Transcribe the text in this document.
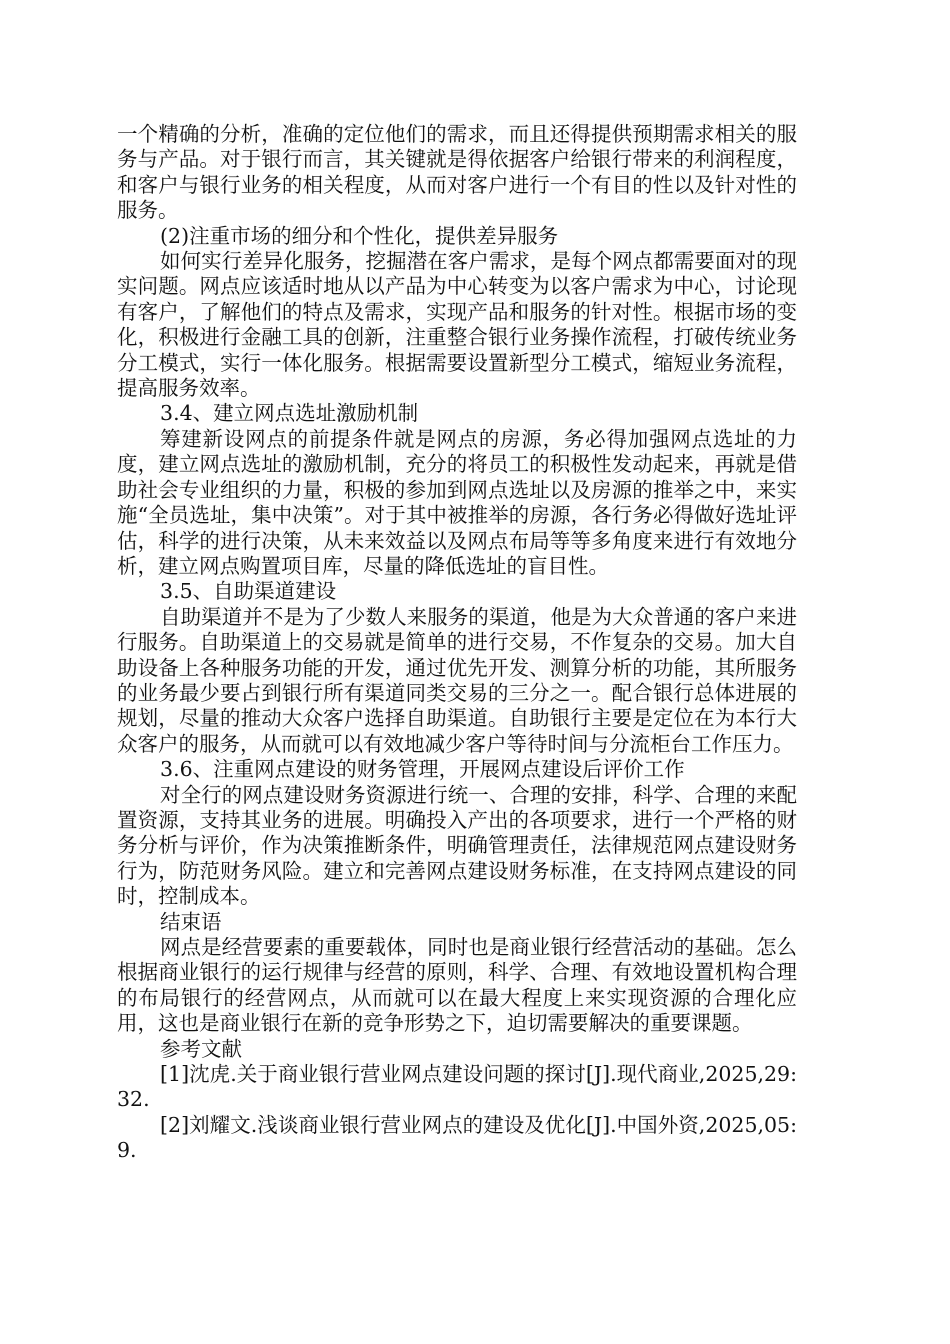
一个精确的分析，准确的定位他们的需求，而且还得提供预期需求相关的服务与产品。对于银行而言，其关键就是得依据客户给银行带来的利润程度，和客户与银行业务的相关程度，从而对客户进行一个有目的性以及针对性的服务。

(2)注重市场的细分和个性化，提供差异服务

如何实行差异化服务，挖掘潜在客户需求，是每个网点都需要面对的现实问题。网点应该适时地从以产品为中心转变为以客户需求为中心，讨论现有客户，了解他们的特点及需求，实现产品和服务的针对性。根据市场的变化，积极进行金融工具的创新，注重整合银行业务操作流程，打破传统业务分工模式，实行一体化服务。根据需要设置新型分工模式，缩短业务流程，提高服务效率。

3.4、建立网点选址激励机制

筹建新设网点的前提条件就是网点的房源，务必得加强网点选址的力度，建立网点选址的激励机制，充分的将员工的积极性发动起来，再就是借助社会专业组织的力量，积极的参加到网点选址以及房源的推举之中，来实施“全员选址，集中决策”。对于其中被推举的房源，各行务必得做好选址评估，科学的进行决策，从未来效益以及网点布局等等多角度来进行有效地分析，建立网点购置项目库，尽量的降低选址的盲目性。

3.5、自助渠道建设

自助渠道并不是为了少数人来服务的渠道，他是为大众普通的客户来进行服务。自助渠道上的交易就是简单的进行交易，不作复杂的交易。加大自助设备上各种服务功能的开发，通过优先开发、测算分析的功能，其所服务的业务最少要占到银行所有渠道同类交易的三分之一。配合银行总体进展的规划，尽量的推动大众客户选择自助渠道。自助银行主要是定位在为本行大众客户的服务，从而就可以有效地减少客户等待时间与分流柜台工作压力。

3.6、注重网点建设的财务管理，开展网点建设后评价工作

对全行的网点建设财务资源进行统一、合理的安排，科学、合理的来配置资源，支持其业务的进展。明确投入产出的各项要求，进行一个严格的财务分析与评价，作为决策推断条件，明确管理责任，法律规范网点建设财务行为，防范财务风险。建立和完善网点建设财务标准，在支持网点建设的同时，控制成本。

结束语

网点是经营要素的重要载体，同时也是商业银行经营活动的基础。怎么根据商业银行的运行规律与经营的原则，科学、合理、有效地设置机构合理的布局银行的经营网点，从而就可以在最大程度上来实现资源的合理化应用，这也是商业银行在新的竞争形势之下，迫切需要解决的重要课题。

参考文献

[1]沈虎.关于商业银行营业网点建设问题的探讨[J].现代商业,2025,29:32.

[2]刘耀文.浅谈商业银行营业网点的建设及优化[J].中国外资,2025,05:9.
